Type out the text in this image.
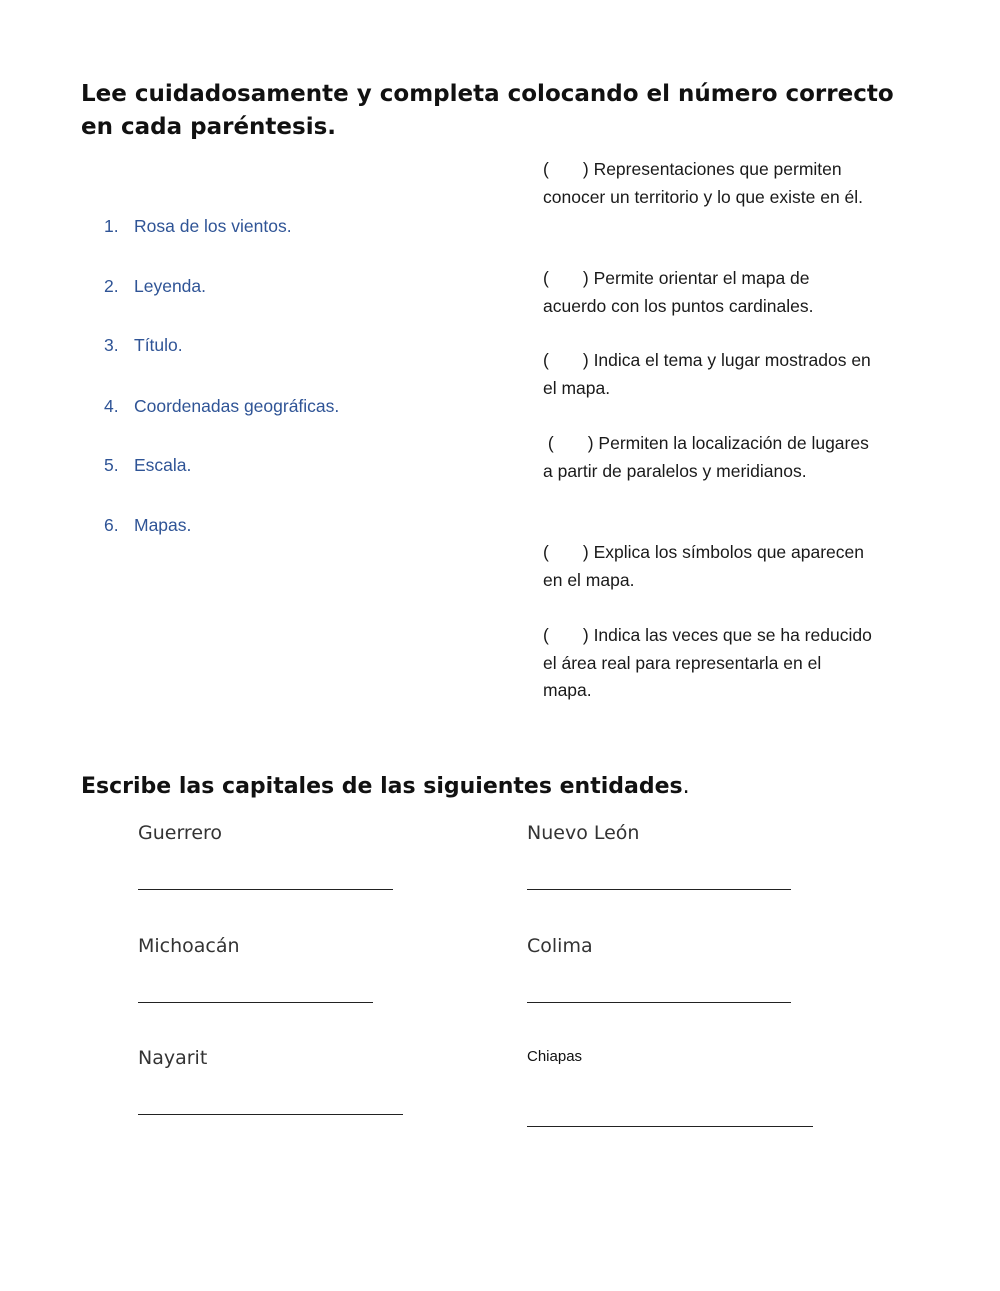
Lee cuidadosamente y completa colocando el número correcto en cada paréntesis.
1. Rosa de los vientos.
2. Leyenda.
3. Título.
4. Coordenadas geográficas.
5. Escala.
6. Mapas.
(       ) Representaciones que permiten conocer un territorio y lo que existe en él.
(       ) Permite orientar el mapa de acuerdo con los puntos cardinales.
(       ) Indica el tema y lugar mostrados en el mapa.
(       ) Permiten la localización de lugares a partir de paralelos y meridianos.
(       ) Explica los símbolos que aparecen en el mapa.
(       ) Indica las veces que se ha reducido el área real para representarla en el mapa.
Escribe las capitales de las siguientes entidades.
Guerrero	Nuevo León
Michoacán	Colima
Nayarit	Chiapas
